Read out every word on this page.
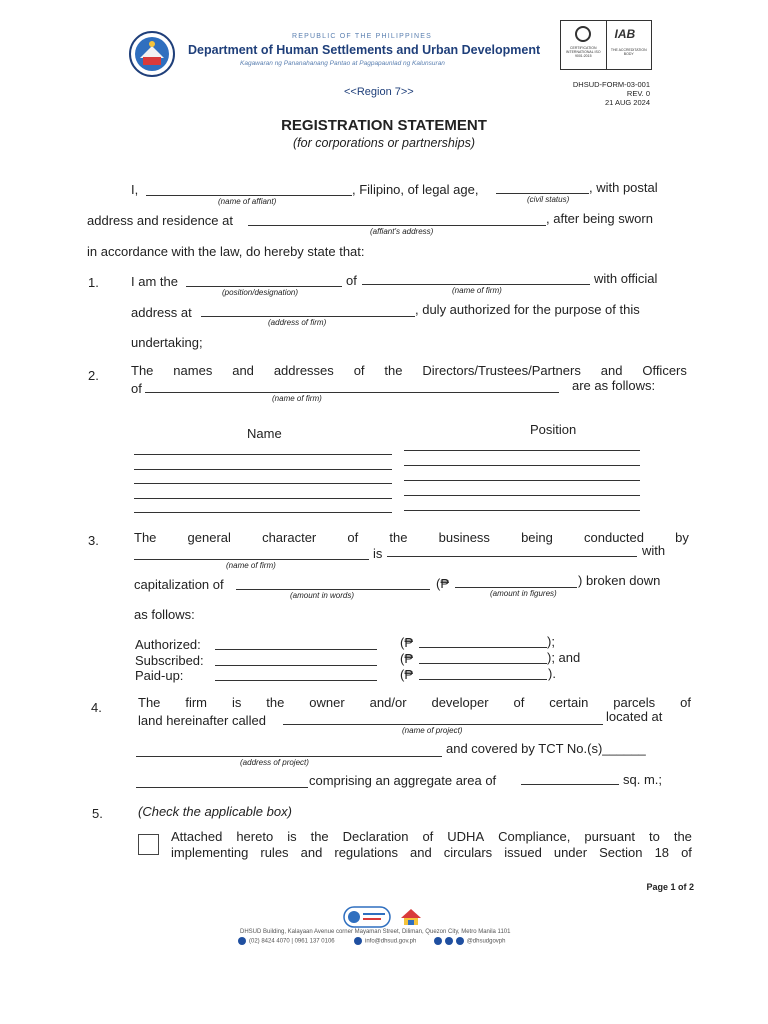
REPUBLIC OF THE PHILIPPINES
Department of Human Settlements and Urban Development
Kagawaran ng Pananahanang Pantao at Pagpapaunlad ng Kalunsuran
CERTIFICATION INTERNATIONAL ISO 9001:2015
IAB
THE ACCREDITATION BODY
<<Region 7>>
DHSUD-FORM-03-001
REV. 0
21 AUG 2024
REGISTRATION STATEMENT
(for corporations or partnerships)
I,
(name of affiant)
, Filipino, of legal age,
(civil status)
, with postal
address and residence at
(affiant's address)
, after being sworn
in accordance with the law, do hereby state that:
1. I am the
(position/designation)
of
(name of firm)
with official
address at
(address of firm)
, duly authorized for the purpose of this
undertaking;
2. The names and addresses of the Directors/Trustees/Partners and Officers
of
(name of firm)
are as follows:
Name	Position
3.	The general character of the business being conducted by
(name of firm)
is	with
capitalization of
(amount in words)
(₱
(amount in figures)
) broken down
as follows:
Authorized:	(₱	);
Subscribed:	(₱	); and
Paid-up:	(₱	).
4.	The firm is the owner and/or developer of certain parcels of
land hereinafter called
(name of project)
located at
(address of project)
and covered by TCT No.(s)______
comprising an aggregate area of	sq. m.;
5.	(Check the applicable box)
Attached hereto is the Declaration of UDHA Compliance, pursuant to the
implementing rules and regulations and circulars issued under Section 18 of
Page 1 of 2
DHSUD Building, Kalayaan Avenue corner Mayaman Street, Diliman, Quezon City, Metro Manila 1101
(02) 8424 4070 | 0961 137 0106	info@dhsud.gov.ph	@dhsudgovph
